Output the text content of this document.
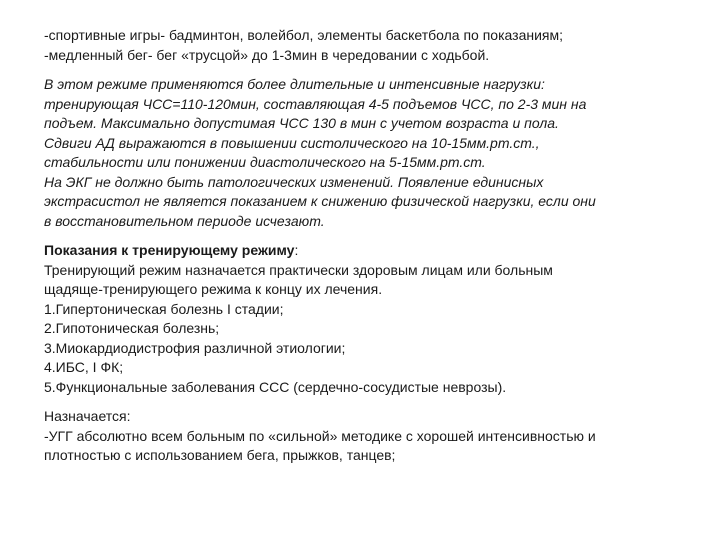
-спортивные игры- бадминтон, волейбол, элементы баскетбола по показаниям;
-медленный бег- бег «трусцой» до 1-3мин в чередовании с ходьбой.
В этом режиме применяются более длительные и интенсивные нагрузки:
тренирующая ЧСС=110-120мин, составляющая 4-5 подъемов ЧСС, по 2-3 мин на
подъем. Максимально допустимая ЧСС 130 в мин с учетом возраста и пола.
Сдвиги АД выражаются в повышении систолического на 10-15мм.рт.ст.,
стабильности или понижении диастолического на 5-15мм.рт.ст.
На ЭКГ не должно быть патологических изменений. Появление единисных
экстрасистол не является показанием к снижению физической нагрузки, если они
в восстановительном периоде исчезают.
Показания к тренирующему режиму:
Тренирующий режим назначается практически здоровым лицам или больным
щадяще-тренирующего режима к концу их лечения.
1.Гипертоническая болезнь I стадии;
2.Гипотоническая болезнь;
3.Миокардиодистрофия различной этиологии;
4.ИБС, I ФК;
5.Функциональные заболевания ССС (сердечно-сосудистые неврозы).
Назначается:
-УГГ абсолютно всем больным по «сильной» методике с хорошей интенсивностью и
плотностью с использованием бега, прыжков, танцев;
